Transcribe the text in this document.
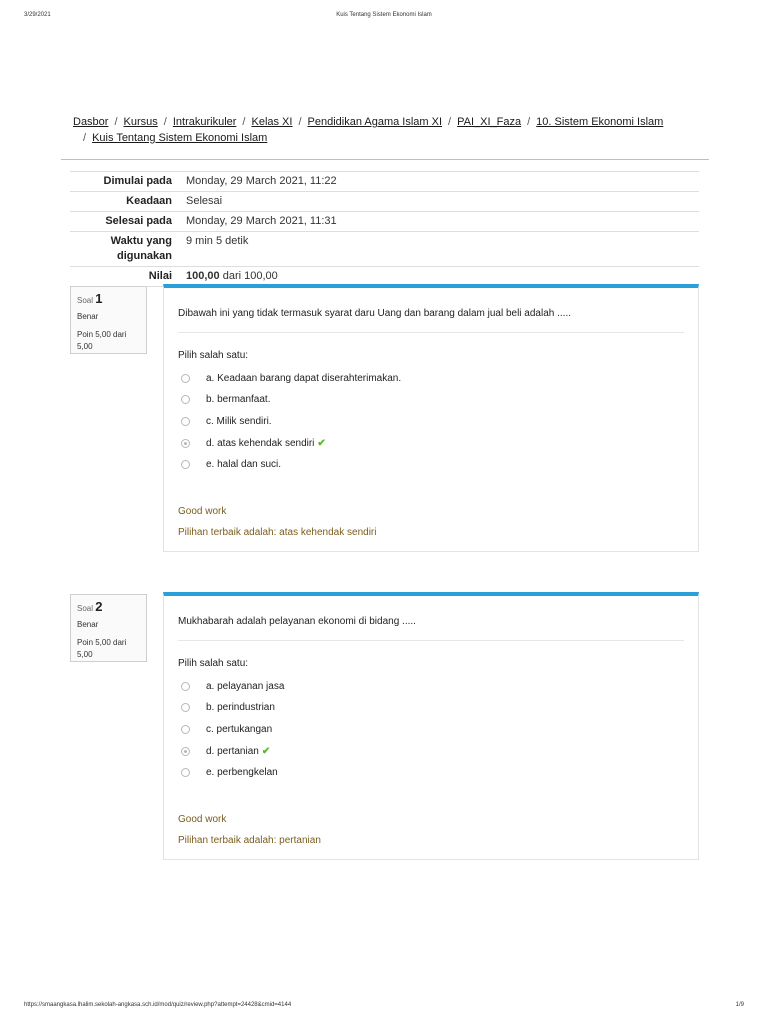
3/29/2021	Kuis Tentang Sistem Ekonomi Islam
Dasbor / Kursus / Intrakurikuler / Kelas XI / Pendidikan Agama Islam XI / PAI_XI_Faza / 10. Sistem Ekonomi Islam
/ Kuis Tentang Sistem Ekonomi Islam
Dimulai pada	Monday, 29 March 2021, 11:22
Keadaan	Selesai
Selesai pada	Monday, 29 March 2021, 11:31
Waktu yang
digunakan	9 min 5 detik
Nilai	100,00 dari 100,00
Soal 1
Benar
Poin 5,00 dari 5,00
Dibawah ini yang tidak termasuk syarat daru Uang dan barang dalam jual beli adalah .....
Pilih salah satu:
a. Keadaan barang dapat diserahterimakan.
b. bermanfaat.
c. Milik sendiri.
d. atas kehendak sendiri ✔
e. halal dan suci.
Good work
Pilihan terbaik adalah: atas kehendak sendiri
Soal 2
Benar
Poin 5,00 dari 5,00
Mukhabarah adalah pelayanan ekonomi di bidang .....
Pilih salah satu:
a. pelayanan jasa
b. perindustrian
c. pertukangan
d. pertanian ✔
e. perbengkelan
Good work
Pilihan terbaik adalah: pertanian
https://smaangkasa.lhalim.sekolah-angkasa.sch.id/mod/quiz/review.php?attempt=24428&cmid=4144	1/9
